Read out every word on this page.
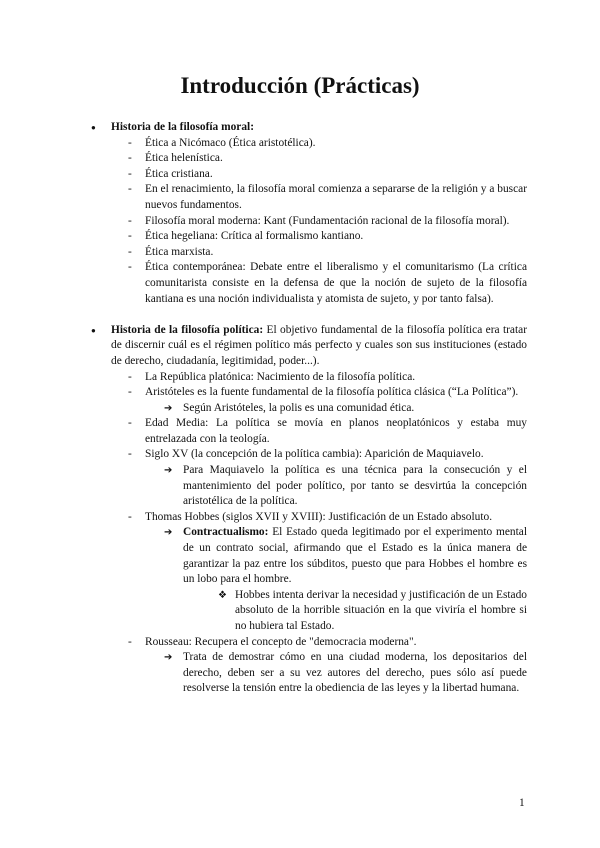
Introducción (Prácticas)
● Historia de la filosofía moral:
- Ética a Nicómaco (Ética aristotélica).
- Ética helenística.
- Ética cristiana.
- En el renacimiento, la filosofía moral comienza a separarse de la religión y a buscar nuevos fundamentos.
- Filosofía moral moderna: Kant (Fundamentación racional de la filosofía moral).
- Ética hegeliana: Crítica al formalismo kantiano.
- Ética marxista.
- Ética contemporánea: Debate entre el liberalismo y el comunitarismo (La crítica comunitarista consiste en la defensa de que la noción de sujeto de la filosofía kantiana es una noción individualista y atomista de sujeto, y por tanto falsa).
● Historia de la filosofía política: El objetivo fundamental de la filosofía política era tratar de discernir cuál es el régimen político más perfecto y cuales son sus instituciones (estado de derecho, ciudadanía, legitimidad, poder...).
- La República platónica: Nacimiento de la filosofía política.
- Aristóteles es la fuente fundamental de la filosofía política clásica (“La Política”).
➔ Según Aristóteles, la polis es una comunidad ética.
- Edad Media: La política se movía en planos neoplatónicos y estaba muy entrelazada con la teología.
- Siglo XV (la concepción de la política cambia): Aparición de Maquiavelo.
➔ Para Maquiavelo la política es una técnica para la consecución y el mantenimiento del poder político, por tanto se desvirtúa la concepción aristotélica de la política.
- Thomas Hobbes (siglos XVII y XVIII): Justificación de un Estado absoluto.
➔ Contractualismo: El Estado queda legitimado por el experimento mental de un contrato social, afirmando que el Estado es la única manera de garantizar la paz entre los súbditos, puesto que para Hobbes el hombre es un lobo para el hombre.
❖ Hobbes intenta derivar la necesidad y justificación de un Estado absoluto de la horrible situación en la que viviría el hombre si no hubiera tal Estado.
- Rousseau: Recupera el concepto de "democracia moderna".
➔ Trata de demostrar cómo en una ciudad moderna, los depositarios del derecho, deben ser a su vez autores del derecho, pues sólo así puede resolverse la tensión entre la obediencia de las leyes y la libertad humana.
1
